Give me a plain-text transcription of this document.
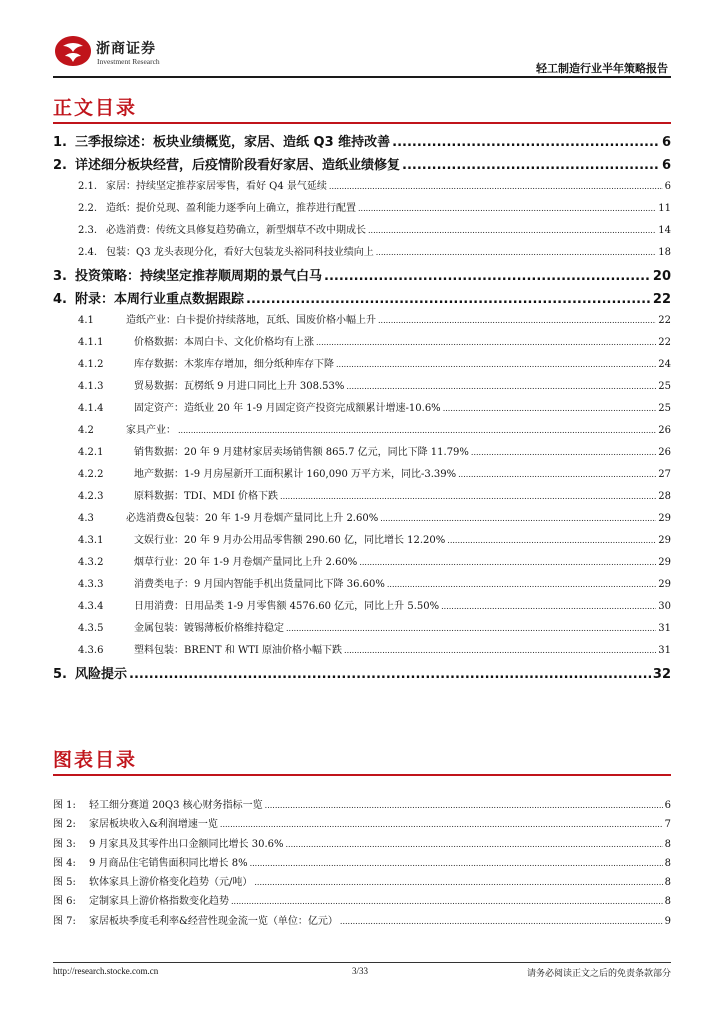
浙商证券
Investment Research
轻工制造行业半年策略报告
正文目录
1. 三季报综述：板块业绩概览，家居、造纸 Q3 维持改善 .....	6
2. 详述细分板块经营，后疫情阶段看好家居、造纸业绩修复 .....	6
2.1. 家居：持续坚定推荐家居零售，看好 Q4 景气延续 .....	6
2.2. 造纸：提价兑现、盈利能力逐季向上确立，推荐进行配置 .....	11
2.3. 必选消费：传统文具修复趋势确立，新型烟草不改中期成长 .....	14
2.4. 包装：Q3 龙头表现分化，看好大包装龙头裕同科技业绩向上 .....	18
3. 投资策略：持续坚定推荐顺周期的景气白马 .....	20
4. 附录：本周行业重点数据跟踪 .....	22
4.1	造纸产业：白卡提价持续落地，瓦纸、国废价格小幅上升 .....	22
4.1.1	价格数据：本周白卡、文化价格均有上涨 .....	22
4.1.2	库存数据：木浆库存增加，细分纸种库存下降 .....	24
4.1.3	贸易数据：瓦楞纸 9 月进口同比上升 308.53% .....	25
4.1.4	固定资产：造纸业 20 年 1-9 月固定资产投资完成额累计增速-10.6% .....	25
4.2	家具产业： .....	26
4.2.1	销售数据：20 年 9 月建材家居卖场销售额 865.7 亿元，同比下降 11.79% .....	26
4.2.2	地产数据：1-9 月房屋新开工面积累计 160,090 万平方米，同比-3.39% .....	27
4.2.3	原料数据：TDI、MDI 价格下跌 .....	28
4.3	必选消费&包装：20 年 1-9 月卷烟产量同比上升 2.60% .....	29
4.3.1	文娱行业：20 年 9 月办公用品零售额 290.60 亿，同比增长 12.20% .....	29
4.3.2	烟草行业：20 年 1-9 月卷烟产量同比上升 2.60% .....	29
4.3.3	消费类电子：9 月国内智能手机出货量同比下降 36.60% .....	29
4.3.4	日用消费：日用品类 1-9 月零售额 4576.60 亿元，同比上升 5.50% .....	30
4.3.5	金属包装：镀锡薄板价格维持稳定 .....	31
4.3.6	塑料包装：BRENT 和 WTI 原油价格小幅下跌 .....	31
5. 风险提示 .....	32
图表目录
图 1:	轻工细分赛道 20Q3 核心财务指标一览 .....	6
图 2:	家居板块收入&利润增速一览 .....	7
图 3:	9 月家具及其零件出口金额同比增长 30.6% .....	8
图 4:	9 月商品住宅销售面积同比增长 8% .....	8
图 5:	软体家具上游价格变化趋势（元/吨） .....	8
图 6:	定制家具上游价格指数变化趋势 .....	8
图 7:	家居板块季度毛利率&经营性现金流一览（单位：亿元） .....	9
http://research.stocke.com.cn	3/33	请务必阅读正文之后的免责条款部分
